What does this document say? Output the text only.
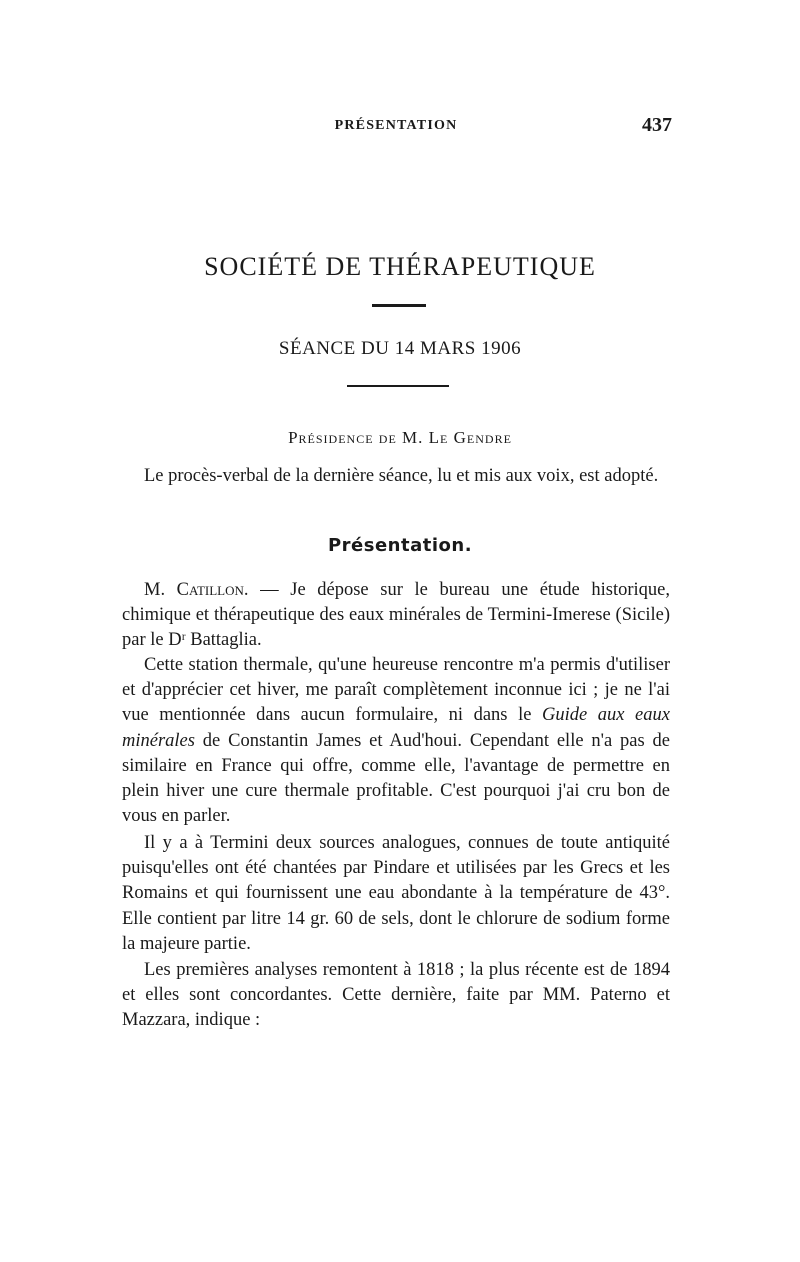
PRÉSENTATION	437
SOCIÉTÉ DE THÉRAPEUTIQUE
SÉANCE DU 14 MARS 1906
Présidence de M. Le Gendre

Le procès-verbal de la dernière séance, lu et mis aux voix, est adopté.

Présentation.

M. Catillon. — Je dépose sur le bureau une étude historique, chimique et thérapeutique des eaux minérales de Termini-Imerese (Sicile) par le Dʳ Battaglia.

Cette station thermale, qu'une heureuse rencontre m'a permis d'utiliser et d'apprécier cet hiver, me paraît complètement inconnue ici ; je ne l'ai vue mentionnée dans aucun formulaire, ni dans le Guide aux eaux minérales de Constantin James et Aud'houi. Cependant elle n'a pas de similaire en France qui offre, comme elle, l'avantage de permettre en plein hiver une cure thermale profitable. C'est pourquoi j'ai cru bon de vous en parler.

Il y a à Termini deux sources analogues, connues de toute antiquité puisqu'elles ont été chantées par Pindare et utilisées par les Grecs et les Romains et qui fournissent une eau abondante à la température de 43°. Elle contient par litre 14 gr. 60 de sels, dont le chlorure de sodium forme la majeure partie.

Les premières analyses remontent à 1818 ; la plus récente est de 1894 et elles sont concordantes. Cette dernière, faite par MM. Paterno et Mazzara, indique :
